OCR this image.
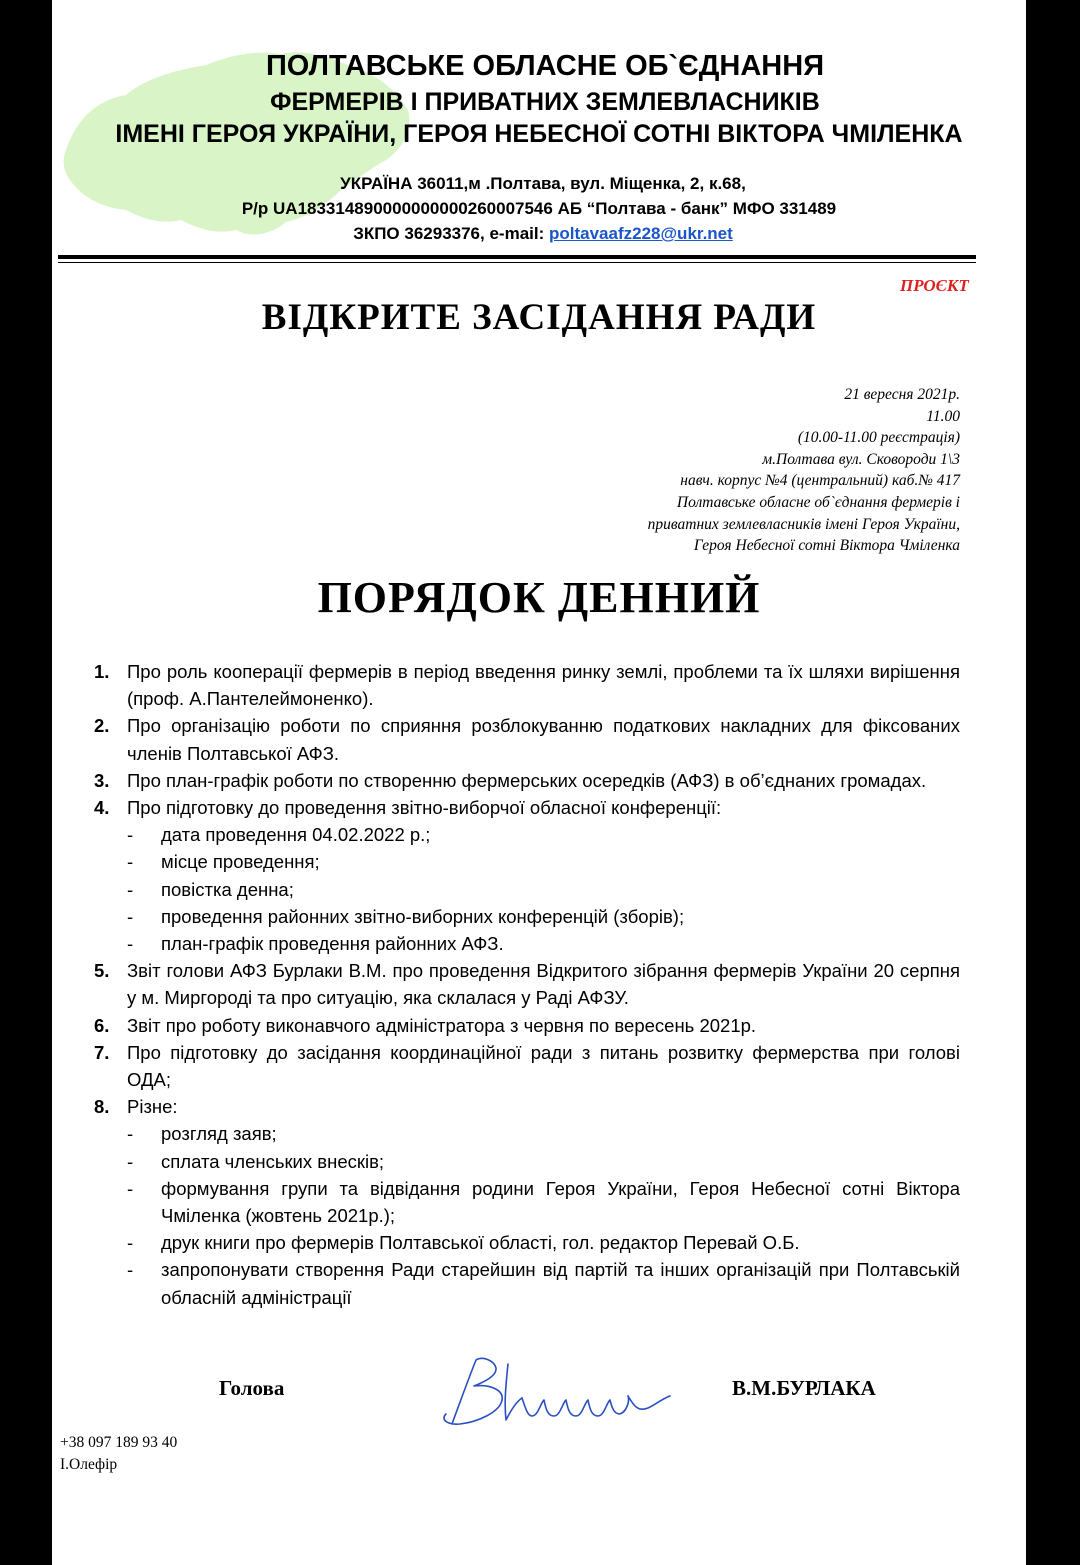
ПОЛТАВСЬКЕ ОБЛАСНЕ ОБ`ЄДНАННЯ
ФЕРМЕРІВ І ПРИВАТНИХ ЗЕМЛЕВЛАСНИКІВ
ІМЕНІ ГЕРОЯ УКРАЇНИ, ГЕРОЯ НЕБЕСНОЇ СОТНІ ВІКТОРА ЧМІЛЕНКА
УКРАЇНА 36011,м .Полтава, вул. Міщенка, 2, к.68,
Р/р UA183314890000000000260007546 АБ “Полтава - банк” МФО 331489
ЗКПО 36293376, e-mail: poltavaafz228@ukr.net
ПРОЄКТ
ВІДКРИТЕ ЗАСІДАННЯ РАДИ
21 вересня 2021р.
11.00
(10.00-11.00 реєстрація)
м.Полтава вул. Сковороди 1\3
навч. корпус №4 (центральний) каб.№ 417
Полтавське обласне об`єднання фермерів і
приватних землевласників імені Героя України,
Героя Небесної сотні Віктора Чміленка
ПОРЯДОК ДЕННИЙ
1. Про роль кооперації фермерів в період введення ринку землі, проблеми та їх шляхи вирішення (проф. А.Пантелеймоненко).
2. Про організацію роботи по сприяння розблокуванню податкових накладних для фіксованих членів Полтавської АФЗ.
3. Про план-графік роботи по створенню фермерських осередків (АФЗ) в об’єднаних громадах.
4. Про підготовку до проведення звітно-виборчої обласної конференції:
- дата проведення 04.02.2022 р.;
- місце проведення;
- повістка денна;
- проведення районних звітно-виборних конференцій (зборів);
- план-графік проведення районних АФЗ.
5. Звіт голови АФЗ Бурлаки В.М. про проведення Відкритого зібрання фермерів України 20 серпня у м. Миргороді та про ситуацію, яка склалася у Раді АФЗУ.
6. Звіт про роботу виконавчого адміністратора з червня по вересень 2021р.
7. Про підготовку до засідання координаційної ради з питань розвитку фермерства при голові ОДА;
8. Різне:
- розгляд заяв;
- сплата членських внесків;
- формування групи та відвідання родини Героя України, Героя Небесної сотні Віктора Чміленка (жовтень 2021р.);
- друк книги про фермерів Полтавської області, гол. редактор Перевай О.Б.
- запропонувати створення Ради старейшин від партій та інших організацій при Полтавській обласній адміністрації
Голова	В.М.БУРЛАКА
+38 097 189 93 40
І.Олефір
